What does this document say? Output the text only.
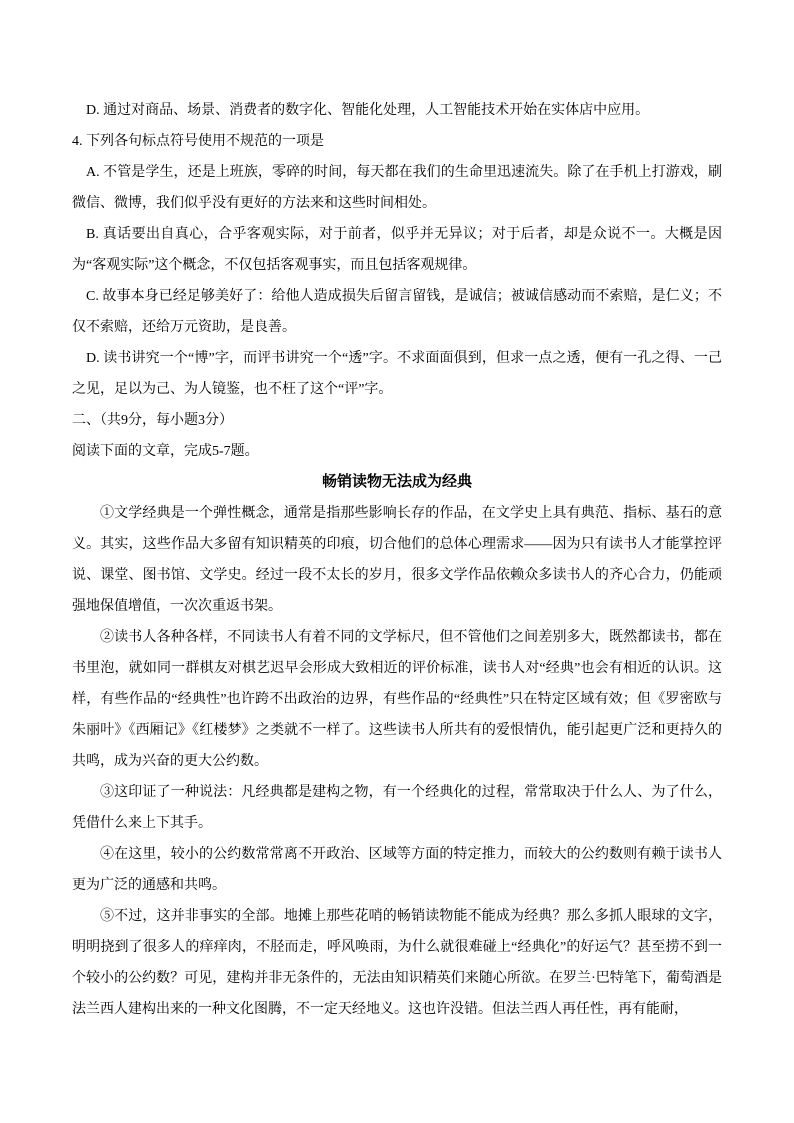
D. 通过对商品、场景、消费者的数字化、智能化处理，人工智能技术开始在实体店中应用。

4. 下列各句标点符号使用不规范的一项是

A. 不管是学生，还是上班族，零碎的时间，每天都在我们的生命里迅速流失。除了在手机上打游戏，刷微信、微博，我们似乎没有更好的方法来和这些时间相处。

B. 真话要出自真心，合乎客观实际，对于前者，似乎并无异议；对于后者，却是众说不一。大概是因为“客观实际”这个概念，不仅包括客观事实，而且包括客观规律。

C. 故事本身已经足够美好了：给他人造成损失后留言留钱，是诚信；被诚信感动而不索赔，是仁义；不仅不索赔，还给万元资助，是良善。

D. 读书讲究一个“博”字，而评书讲究一个“透”字。不求面面俱到，但求一点之透，便有一孔之得、一己之见，足以为己、为人镜鉴，也不枉了这个“评”字。

二、（共9分，每小题3分）

阅读下面的文章，完成5-7题。

畅销读物无法成为经典

①文学经典是一个弹性概念，通常是指那些影响长存的作品，在文学史上具有典范、指标、基石的意义。其实，这些作品大多留有知识精英的印痕，切合他们的总体心理需求——因为只有读书人才能掌控评说、课堂、图书馆、文学史。经过一段不太长的岁月，很多文学作品依赖众多读书人的齐心合力，仍能顽强地保值增值，一次次重返书架。

②读书人各种各样，不同读书人有着不同的文学标尺，但不管他们之间差别多大，既然都读书，都在书里泡，就如同一群棋友对棋艺迟早会形成大致相近的评价标准，读书人对“经典”也会有相近的认识。这样，有些作品的“经典性”也许跨不出政治的边界，有些作品的“经典性”只在特定区域有效；但《罗密欧与朱丽叶》《西厢记》《红楼梦》之类就不一样了。这些读书人所共有的爱恨情仇，能引起更广泛和更持久的共鸣，成为兴奋的更大公约数。

③这印证了一种说法：凡经典都是建构之物，有一个经典化的过程，常常取决于什么人、为了什么，凭借什么来上下其手。

④在这里，较小的公约数常常离不开政治、区域等方面的特定推力，而较大的公约数则有赖于读书人更为广泛的通感和共鸣。

⑤不过，这并非事实的全部。地摊上那些花哨的畅销读物能不能成为经典？那么多抓人眼球的文字，明明挠到了很多人的痒痒肉，不胫而走，呼风唤雨，为什么就很难碰上“经典化”的好运气？甚至捞不到一个较小的公约数？可见，建构并非无条件的，无法由知识精英们来随心所欲。在罗兰·巴特笔下，葡萄酒是法兰西人建构出来的一种文化图腾，不一定天经地义。这也许没错。但法兰西人再任性，再有能耐，
